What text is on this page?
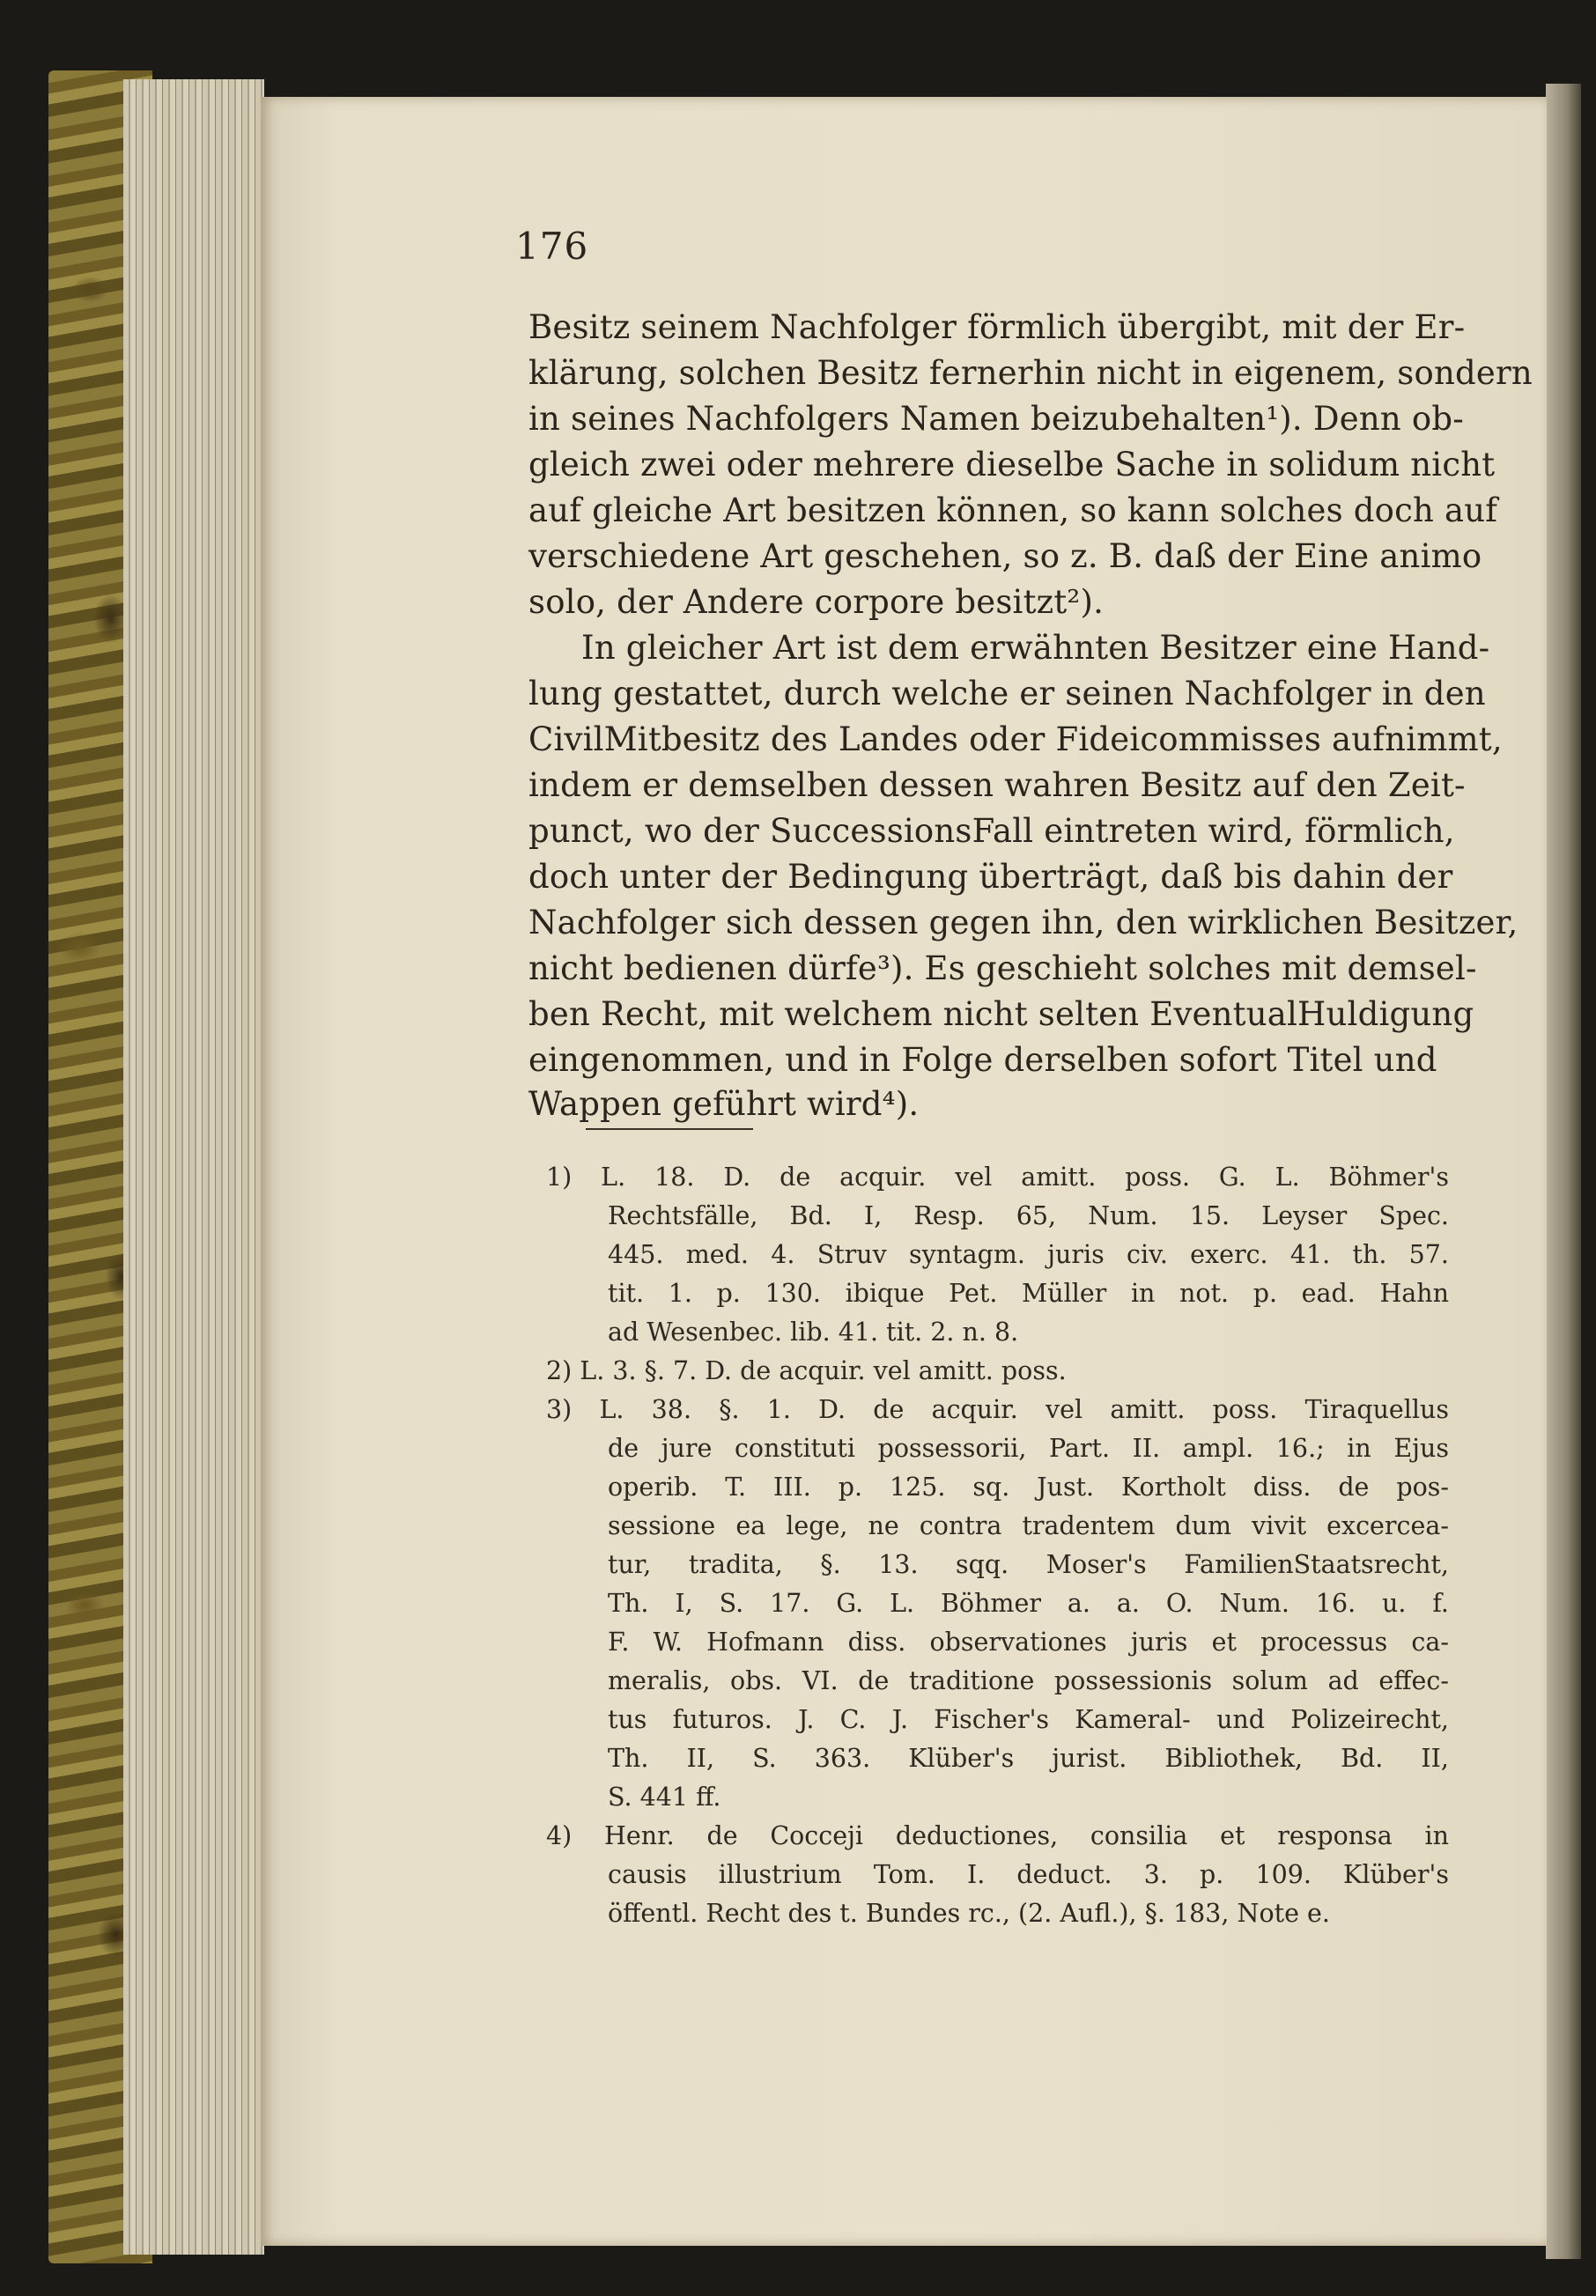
176
Besitz seinem Nachfolger förmlich übergibt, mit der Er-
klärung, solchen Besitz fernerhin nicht in eigenem, sondern
in seines Nachfolgers Namen beizubehalten¹). Denn ob-
gleich zwei oder mehrere dieselbe Sache in solidum nicht
auf gleiche Art besitzen können, so kann solches doch auf
verschiedene Art geschehen, so z. B. daß der Eine animo
solo, der Andere corpore besitzt²).
In gleicher Art ist dem erwähnten Besitzer eine Hand-
lung gestattet, durch welche er seinen Nachfolger in den
CivilMitbesitz des Landes oder Fideicommisses aufnimmt,
indem er demselben dessen wahren Besitz auf den Zeit-
punct, wo der SuccessionsFall eintreten wird, förmlich,
doch unter der Bedingung überträgt, daß bis dahin der
Nachfolger sich dessen gegen ihn, den wirklichen Besitzer,
nicht bedienen dürfe³). Es geschieht solches mit demsel-
ben Recht, mit welchem nicht selten EventualHuldigung
eingenommen, und in Folge derselben sofort Titel und
Wappen geführt wird⁴).
1) L. 18. D. de acquir. vel amitt. poss. G. L. Böhmer's
Rechtsfälle, Bd. I, Resp. 65, Num. 15. Leyser Spec.
445. med. 4. Struv syntagm. juris civ. exerc. 41. th. 57.
tit. 1. p. 130. ibique Pet. Müller in not. p. ead. Hahn
ad Wesenbec. lib. 41. tit. 2. n. 8.
2) L. 3. §. 7. D. de acquir. vel amitt. poss.
3) L. 38. §. 1. D. de acquir. vel amitt. poss. Tiraquellus
de jure constituti possessorii, Part. II. ampl. 16.; in Ejus
operib. T. III. p. 125. sq. Just. Kortholt diss. de pos-
sessione ea lege, ne contra tradentem dum vivit excercea-
tur, tradita, §. 13. sqq. Moser's FamilienStaatsrecht,
Th. I, S. 17. G. L. Böhmer a. a. O. Num. 16. u. f.
F. W. Hofmann diss. observationes juris et processus ca-
meralis, obs. VI. de traditione possessionis solum ad effec-
tus futuros. J. C. J. Fischer's Kameral- und Polizeirecht,
Th. II, S. 363. Klüber's jurist. Bibliothek, Bd. II,
S. 441 ff.
4) Henr. de Cocceji deductiones, consilia et responsa in
causis illustrium Tom. I. deduct. 3. p. 109. Klüber's
öffentl. Recht des t. Bundes rc., (2. Aufl.), §. 183, Note e.
